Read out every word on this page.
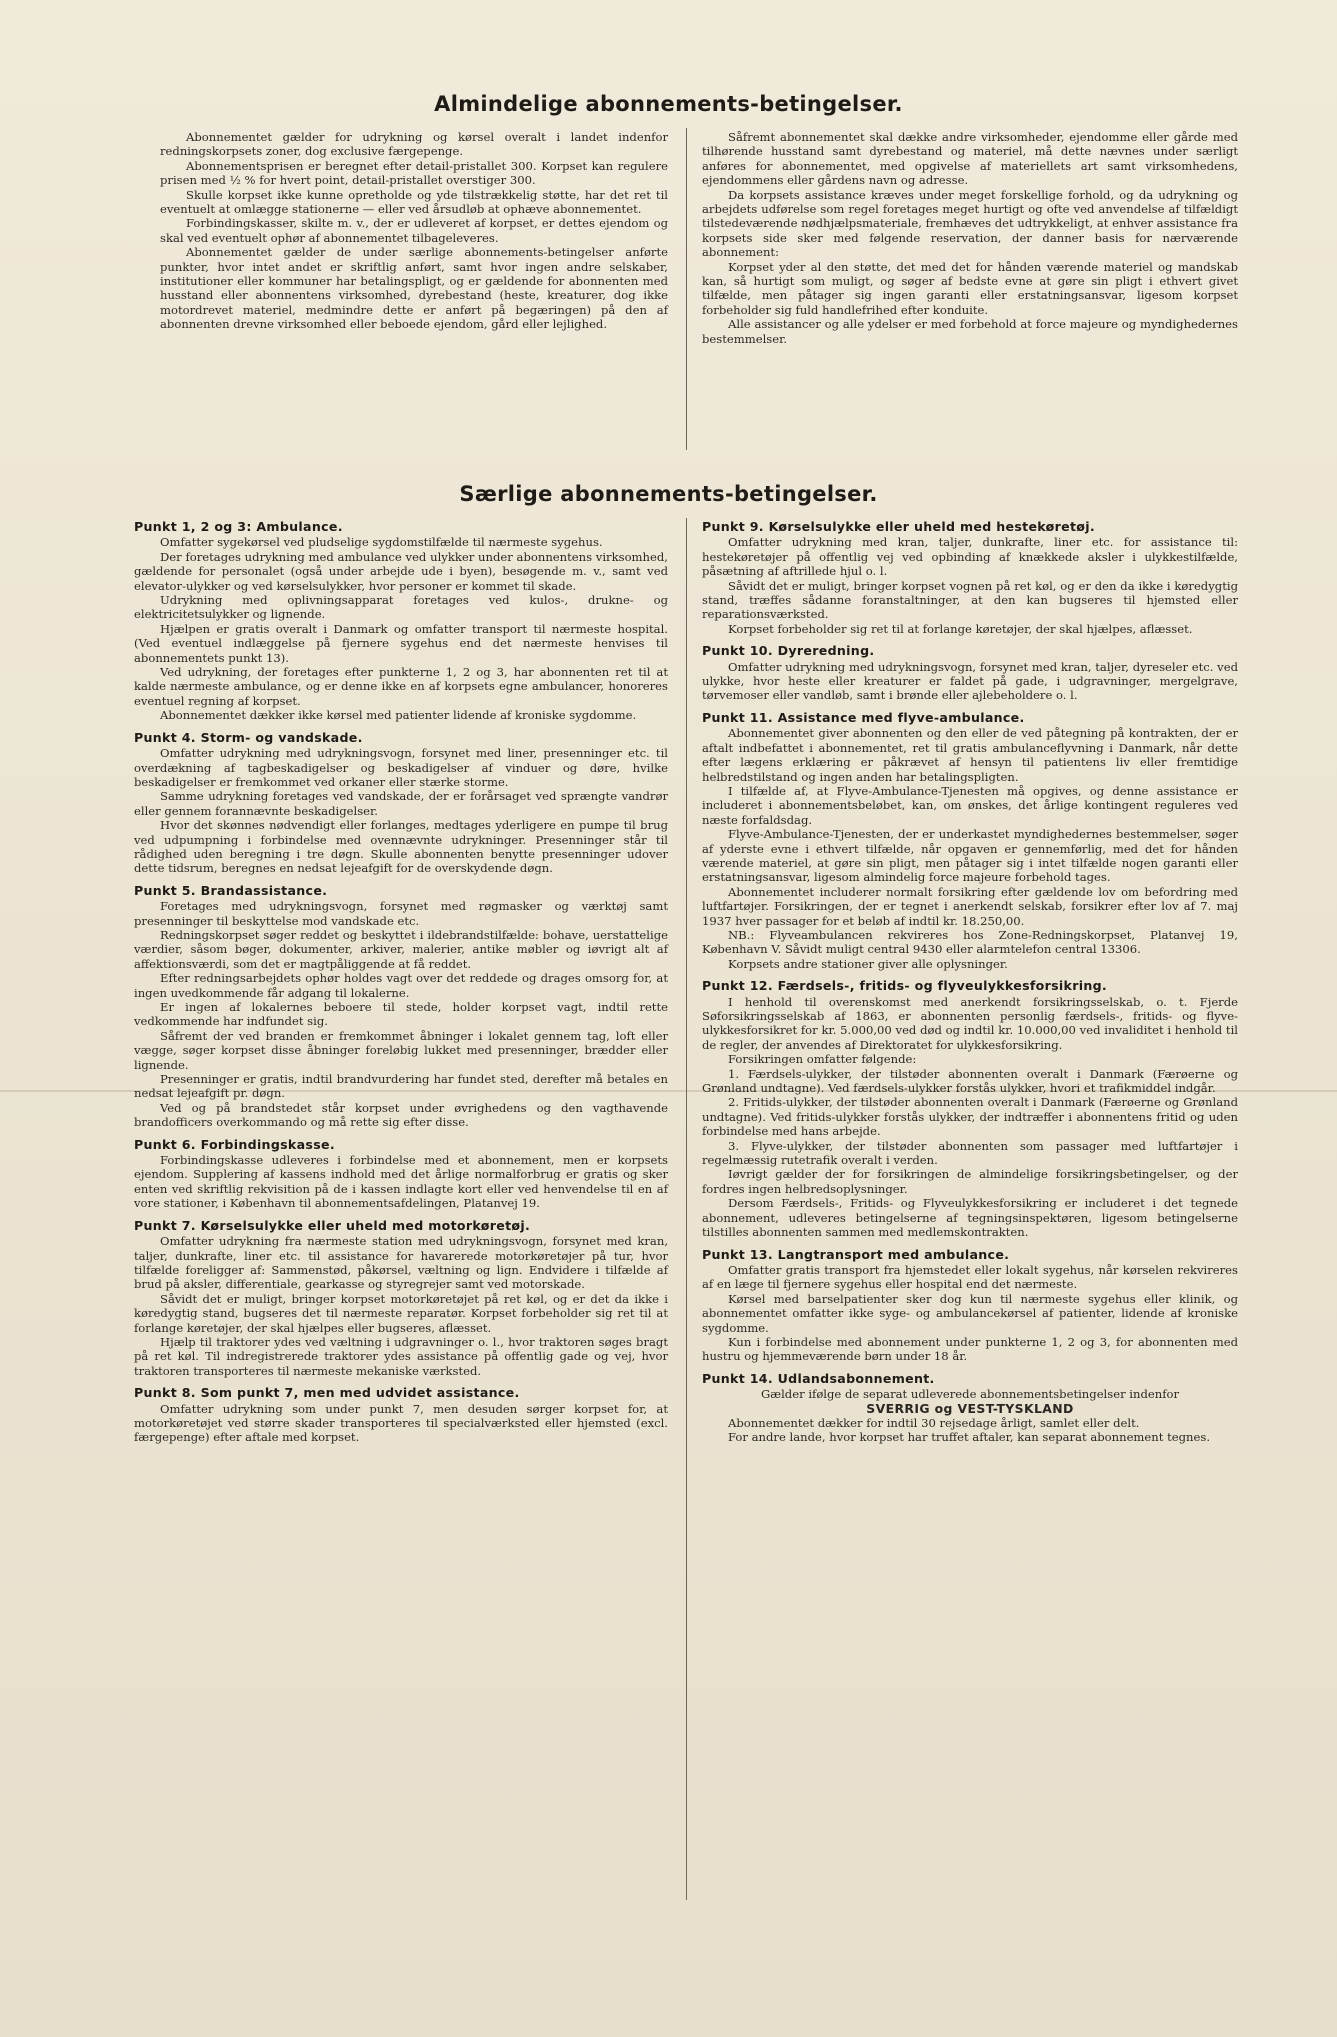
Almindelige abonnements-betingelser.

Abonnementet gælder for udrykning og kørsel overalt i landet indenfor redningskorpsets zoner, dog exclusive færgepenge.

Abonnementsprisen er beregnet efter detail-pristallet 300. Korpset kan regulere prisen med ½ % for hvert point, detail-pristallet overstiger 300.

Skulle korpset ikke kunne opretholde og yde tilstrækkelig støtte, har det ret til eventuelt at omlægge stationerne — eller ved årsudløb at ophæve abonnementet.

Forbindingskasser, skilte m. v., der er udleveret af korpset, er dettes ejendom og skal ved eventuelt ophør af abonnementet tilbageleveres.

Abonnementet gælder de under særlige abonnements-betingelser anførte punkter, hvor intet andet er skriftlig anført, samt hvor ingen andre selskaber, institutioner eller kommuner har betalingspligt, og er gældende for abonnenten med husstand eller abonnentens virksomhed, dyrebestand (heste, kreaturer, dog ikke motordrevet materiel, medmindre dette er anført på begæringen) på den af abonnenten drevne virksomhed eller beboede ejendom, gård eller lejlighed.

Såfremt abonnementet skal dække andre virksomheder, ejendomme eller gårde med tilhørende husstand samt dyrebestand og materiel, må dette nævnes under særligt anføres for abonnementet, med opgivelse af materiellets art samt virksomhedens, ejendommens eller gårdens navn og adresse.

Da korpsets assistance kræves under meget forskellige forhold, og da udrykning og arbejdets udførelse som regel foretages meget hurtigt og ofte ved anvendelse af tilfældigt tilstedeværende nødhjælpsmateriale, fremhæves det udtrykkeligt, at enhver assistance fra korpsets side sker med følgende reservation, der danner basis for nærværende abonnement:

Korpset yder al den støtte, det med det for hånden værende materiel og mandskab kan, så hurtigt som muligt, og søger af bedste evne at gøre sin pligt i ethvert givet tilfælde, men påtager sig ingen garanti eller erstatningsansvar, ligesom korpset forbeholder sig fuld handlefrihed efter konduite.

Alle assistancer og alle ydelser er med forbehold at force majeure og myndighedernes bestemmelser.

Særlige abonnements-betingelser.
Punkt 1, 2 og 3: Ambulance.

Omfatter sygekørsel ved pludselige sygdomstilfælde til nærmeste sygehus.

Der foretages udrykning med ambulance ved ulykker under abonnentens virksomhed, gældende for personalet (også under arbejde ude i byen), besøgende m. v., samt ved elevator-ulykker og ved kørselsulykker, hvor personer er kommet til skade.

Udrykning med oplivningsapparat foretages ved kulos-, drukne- og elektricitetsulykker og lignende.

Hjælpen er gratis overalt i Danmark og omfatter transport til nærmeste hospital. (Ved eventuel indlæggelse på fjernere sygehus end det nærmeste henvises til abonnementets punkt 13).

Ved udrykning, der foretages efter punkterne 1, 2 og 3, har abonnenten ret til at kalde nærmeste ambulance, og er denne ikke en af korpsets egne ambulancer, honoreres eventuel regning af korpset.

Abonnementet dækker ikke kørsel med patienter lidende af kroniske sygdomme.

Punkt 4. Storm- og vandskade.

Omfatter udrykning med udrykningsvogn, forsynet med liner, presenninger etc. til overdækning af tagbeskadigelser og beskadigelser af vinduer og døre, hvilke beskadigelser er fremkommet ved orkaner eller stærke storme.

Samme udrykning foretages ved vandskade, der er forårsaget ved sprængte vandrør eller gennem forannævnte beskadigelser.

Hvor det skønnes nødvendigt eller forlanges, medtages yderligere en pumpe til brug ved udpumpning i forbindelse med ovennævnte udrykninger. Presenninger står til rådighed uden beregning i tre døgn. Skulle abonnenten benytte presenninger udover dette tidsrum, beregnes en nedsat lejeafgift for de overskydende døgn.

Punkt 5. Brandassistance.

Foretages med udrykningsvogn, forsynet med røgmasker og værktøj samt presenninger til beskyttelse mod vandskade etc.

Redningskorpset søger reddet og beskyttet i ildebrandstilfælde: bohave, uerstattelige værdier, såsom bøger, dokumenter, arkiver, malerier, antike møbler og iøvrigt alt af affektionsværdi, som det er magtpåliggende at få reddet.

Efter redningsarbejdets ophør holdes vagt over det reddede og drages omsorg for, at ingen uvedkommende får adgang til lokalerne.

Er ingen af lokalernes beboere til stede, holder korpset vagt, indtil rette vedkommende har indfundet sig.

Såfremt der ved branden er fremkommet åbninger i lokalet gennem tag, loft eller vægge, søger korpset disse åbninger foreløbig lukket med presenninger, brædder eller lignende.

Presenninger er gratis, indtil brandvurdering har fundet sted, derefter må betales en nedsat lejeafgift pr. døgn.

Ved og på brandstedet står korpset under øvrighedens og den vagthavende brandofficers overkommando og må rette sig efter disse.

Punkt 6. Forbindingskasse.

Forbindingskasse udleveres i forbindelse med et abonnement, men er korpsets ejendom. Supplering af kassens indhold med det årlige normalforbrug er gratis og sker enten ved skriftlig rekvisition på de i kassen indlagte kort eller ved henvendelse til en af vore stationer, i København til abonnementsafdelingen, Platanvej 19.

Punkt 7. Kørselsulykke eller uheld med motorkøretøj.

Omfatter udrykning fra nærmeste station med udrykningsvogn, forsynet med kran, taljer, dunkrafte, liner etc. til assistance for havarerede motorkøretøjer på tur, hvor tilfælde foreligger af: Sammenstød, påkørsel, væltning og lign. Endvidere i tilfælde af brud på aksler, differentiale, gearkasse og styregrejer samt ved motorskade.

Såvidt det er muligt, bringer korpset motorkøretøjet på ret køl, og er det da ikke i køredygtig stand, bugseres det til nærmeste reparatør. Korpset forbeholder sig ret til at forlange køretøjer, der skal hjælpes eller bugseres, aflæsset.

Hjælp til traktorer ydes ved væltning i udgravninger o. l., hvor traktoren søges bragt på ret køl. Til indregistrerede traktorer ydes assistance på offentlig gade og vej, hvor traktoren transporteres til nærmeste mekaniske værksted.

Punkt 8. Som punkt 7, men med udvidet assistance.

Omfatter udrykning som under punkt 7, men desuden sørger korpset for, at motorkøretøjet ved større skader transporteres til specialværksted eller hjemsted (excl. færgepenge) efter aftale med korpset.

Punkt 9. Kørselsulykke eller uheld med hestekøretøj.

Omfatter udrykning med kran, taljer, dunkrafte, liner etc. for assistance til: hestekøretøjer på offentlig vej ved opbinding af knækkede aksler i ulykkestilfælde, påsætning af aftrillede hjul o. l.

Såvidt det er muligt, bringer korpset vognen på ret køl, og er den da ikke i køredygtig stand, træffes sådanne foranstaltninger, at den kan bugseres til hjemsted eller reparationsværksted.

Korpset forbeholder sig ret til at forlange køretøjer, der skal hjælpes, aflæsset.

Punkt 10. Dyreredning.

Omfatter udrykning med udrykningsvogn, forsynet med kran, taljer, dyreseler etc. ved ulykke, hvor heste eller kreaturer er faldet på gade, i udgravninger, mergelgrave, tørvemoser eller vandløb, samt i brønde eller ajlebeholdere o. l.

Punkt 11. Assistance med flyve-ambulance.

Abonnementet giver abonnenten og den eller de ved påtegning på kontrakten, der er aftalt indbefattet i abonnementet, ret til gratis ambulanceflyvning i Danmark, når dette efter lægens erklæring er påkrævet af hensyn til patientens liv eller fremtidige helbredstilstand og ingen anden har betalingspligten.

I tilfælde af, at Flyve-Ambulance-Tjenesten må opgives, og denne assistance er includeret i abonnementsbeløbet, kan, om ønskes, det årlige kontingent reguleres ved næste forfaldsdag.

Flyve-Ambulance-Tjenesten, der er underkastet myndighedernes bestemmelser, søger af yderste evne i ethvert tilfælde, når opgaven er gennemførlig, med det for hånden værende materiel, at gøre sin pligt, men påtager sig i intet tilfælde nogen garanti eller erstatningsansvar, ligesom almindelig force majeure forbehold tages.

Abonnementet includerer normalt forsikring efter gældende lov om befordring med luftfartøjer. Forsikringen, der er tegnet i anerkendt selskab, forsikrer efter lov af 7. maj 1937 hver passager for et beløb af indtil kr. 18.250,00.

NB.: Flyveambulancen rekvireres hos Zone-Redningskorpset, Platanvej 19, København V. Såvidt muligt central 9430 eller alarmtelefon central 13306.

Korpsets andre stationer giver alle oplysninger.

Punkt 12. Færdsels-, fritids- og flyveulykkesforsikring.

I henhold til overenskomst med anerkendt forsikringsselskab, o. t. Fjerde Søforsikringsselskab af 1863, er abonnenten personlig færdsels-, fritids- og flyve-ulykkesforsikret for kr. 5.000,00 ved død og indtil kr. 10.000,00 ved invaliditet i henhold til de regler, der anvendes af Direktoratet for ulykkesforsikring.

Forsikringen omfatter følgende:

1. Færdsels-ulykker, der tilstøder abonnenten overalt i Danmark (Færøerne og Grønland undtagne). Ved færdsels-ulykker forstås ulykker, hvori et trafikmiddel indgår.

2. Fritids-ulykker, der tilstøder abonnenten overalt i Danmark (Færøerne og Grønland undtagne). Ved fritids-ulykker forstås ulykker, der indtræffer i abonnentens fritid og uden forbindelse med hans arbejde.

3. Flyve-ulykker, der tilstøder abonnenten som passager med luftfartøjer i regelmæssig rutetrafik overalt i verden.

Iøvrigt gælder der for forsikringen de almindelige forsikringsbetingelser, og der fordres ingen helbredsoplysninger.

Dersom Færdsels-, Fritids- og Flyveulykkesforsikring er includeret i det tegnede abonnement, udleveres betingelserne af tegningsinspektøren, ligesom betingelserne tilstilles abonnenten sammen med medlemskontrakten.

Punkt 13. Langtransport med ambulance.

Omfatter gratis transport fra hjemstedet eller lokalt sygehus, når kørselen rekvireres af en læge til fjernere sygehus eller hospital end det nærmeste.

Kørsel med barselpatienter sker dog kun til nærmeste sygehus eller klinik, og abonnementet omfatter ikke syge- og ambulancekørsel af patienter, lidende af kroniske sygdomme.

Kun i forbindelse med abonnement under punkterne 1, 2 og 3, for abonnenten med hustru og hjemmeværende børn under 18 år.

Punkt 14. Udlandsabonnement.

Gælder ifølge de separat udleverede abonnementsbetingelser indenfor

SVERRIG og VEST-TYSKLAND

Abonnementet dækker for indtil 30 rejsedage årligt, samlet eller delt.

For andre lande, hvor korpset har truffet aftaler, kan separat abonnement tegnes.
